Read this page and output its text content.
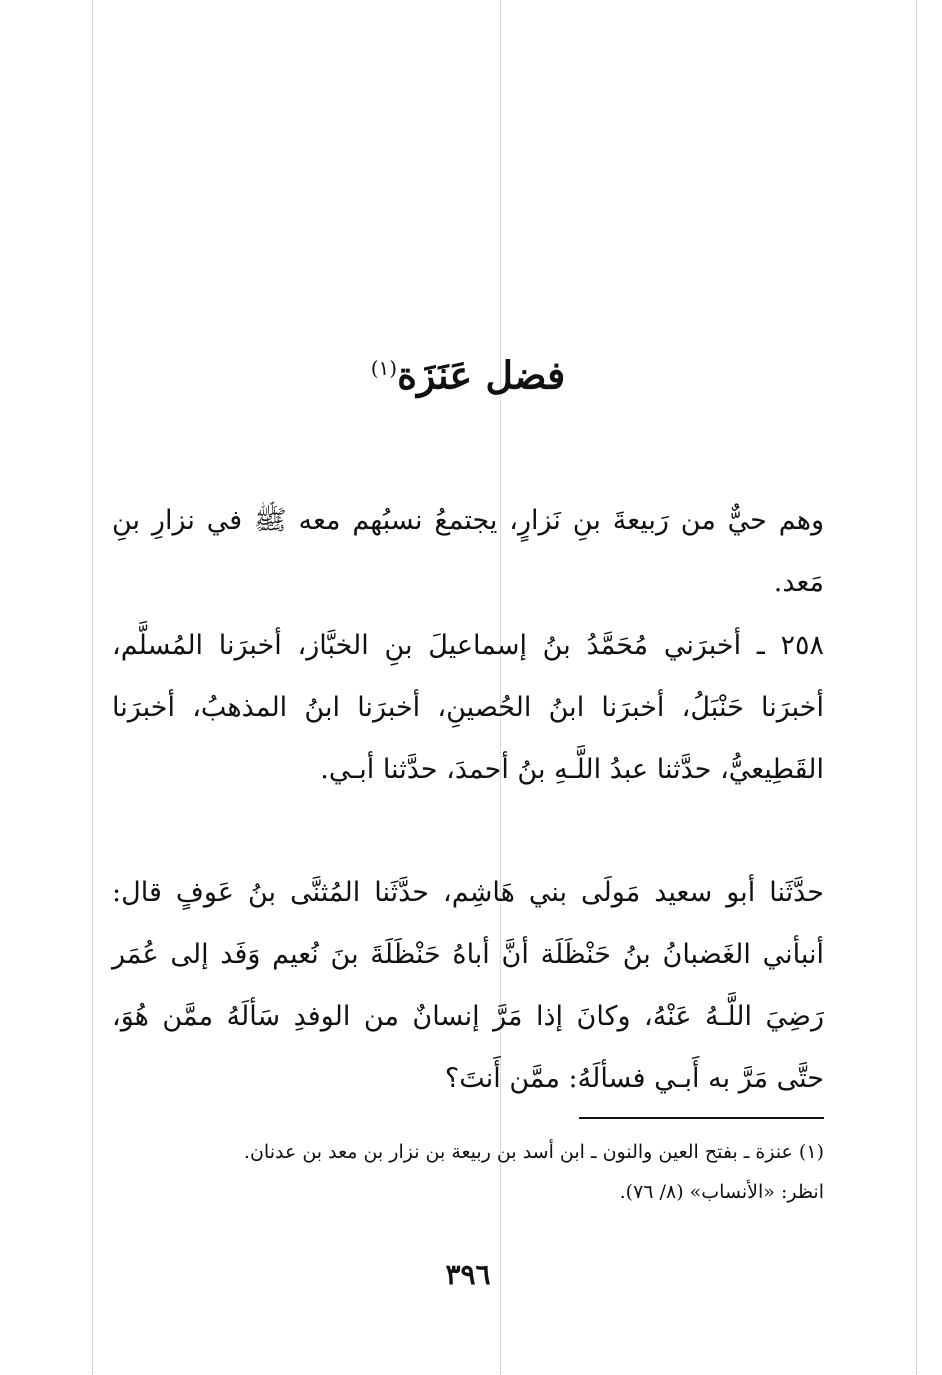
فضل عَنَزَة$^{(١)}$
وهم حيٌّ من رَبيعةَ بنِ نَزارٍ، يجتمعُ نسبُهم معه ﷺ في نزارِ بنِ مَعد.
٢٥٨ ـ أخبرَني مُحَمَّدُ بنُ إسماعيلَ بنِ الخبَّاز، أخبرَنا المُسلَّم، أخبرَنا حَنْبَلُ، أخبرَنا ابنُ الحُصينِ، أخبرَنا ابنُ المذهبُ، أخبرَنا القَطِيعيُّ، حدَّثنا عبدُ اللَّـهِ بنُ أحمدَ، حدَّثنا أبـي.
حدَّثَنا أبو سعيد مَولَى بني هَاشِم، حدَّثَنا المُثنَّى بنُ عَوفٍ قال: أنبأني الغَضبانُ بنُ حَنْظَلَة أنَّ أباهُ حَنْظَلَةَ بنَ نُعيم وَفَد إلى عُمَر رَضِيَ اللَّـهُ عَنْهُ، وكانَ إذا مَرَّ إنسانٌ من الوفدِ سَألَهُ ممَّن هُوَ، حتَّى مَرَّ به أَبـي فسألَهُ: ممَّن أَنتَ؟
(١) عنزة ـ بفتح العين والنون ـ ابن أسد بن ربيعة بن نزار بن معد بن عدنان.
انظر: «الأنساب» (٨/ ٧٦).
٣٩٦
